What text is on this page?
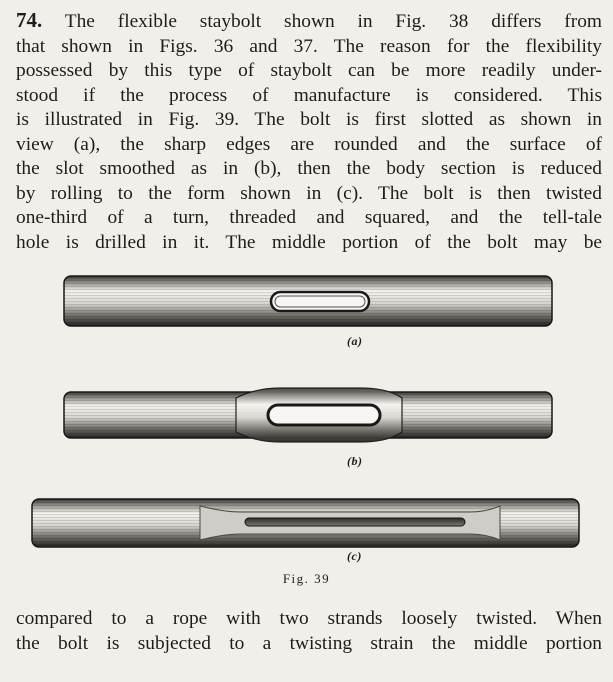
74. The flexible staybolt shown in Fig. 38 differs from
that shown in Figs. 36 and 37. The reason for the flexibility
possessed by this type of staybolt can be more readily under-
stood if the process of manufacture is considered. This
is illustrated in Fig. 39. The bolt is first slotted as shown in
view (a), the sharp edges are rounded and the surface of
the slot smoothed as in (b), then the body section is reduced
by rolling to the form shown in (c). The bolt is then twisted
one-third of a turn, threaded and squared, and the tell-tale
hole is drilled in it. The middle portion of the bolt may be
(a)
(b)
(c)
Fig. 39
compared to a rope with two strands loosely twisted. When
the bolt is subjected to a twisting strain the middle portion
